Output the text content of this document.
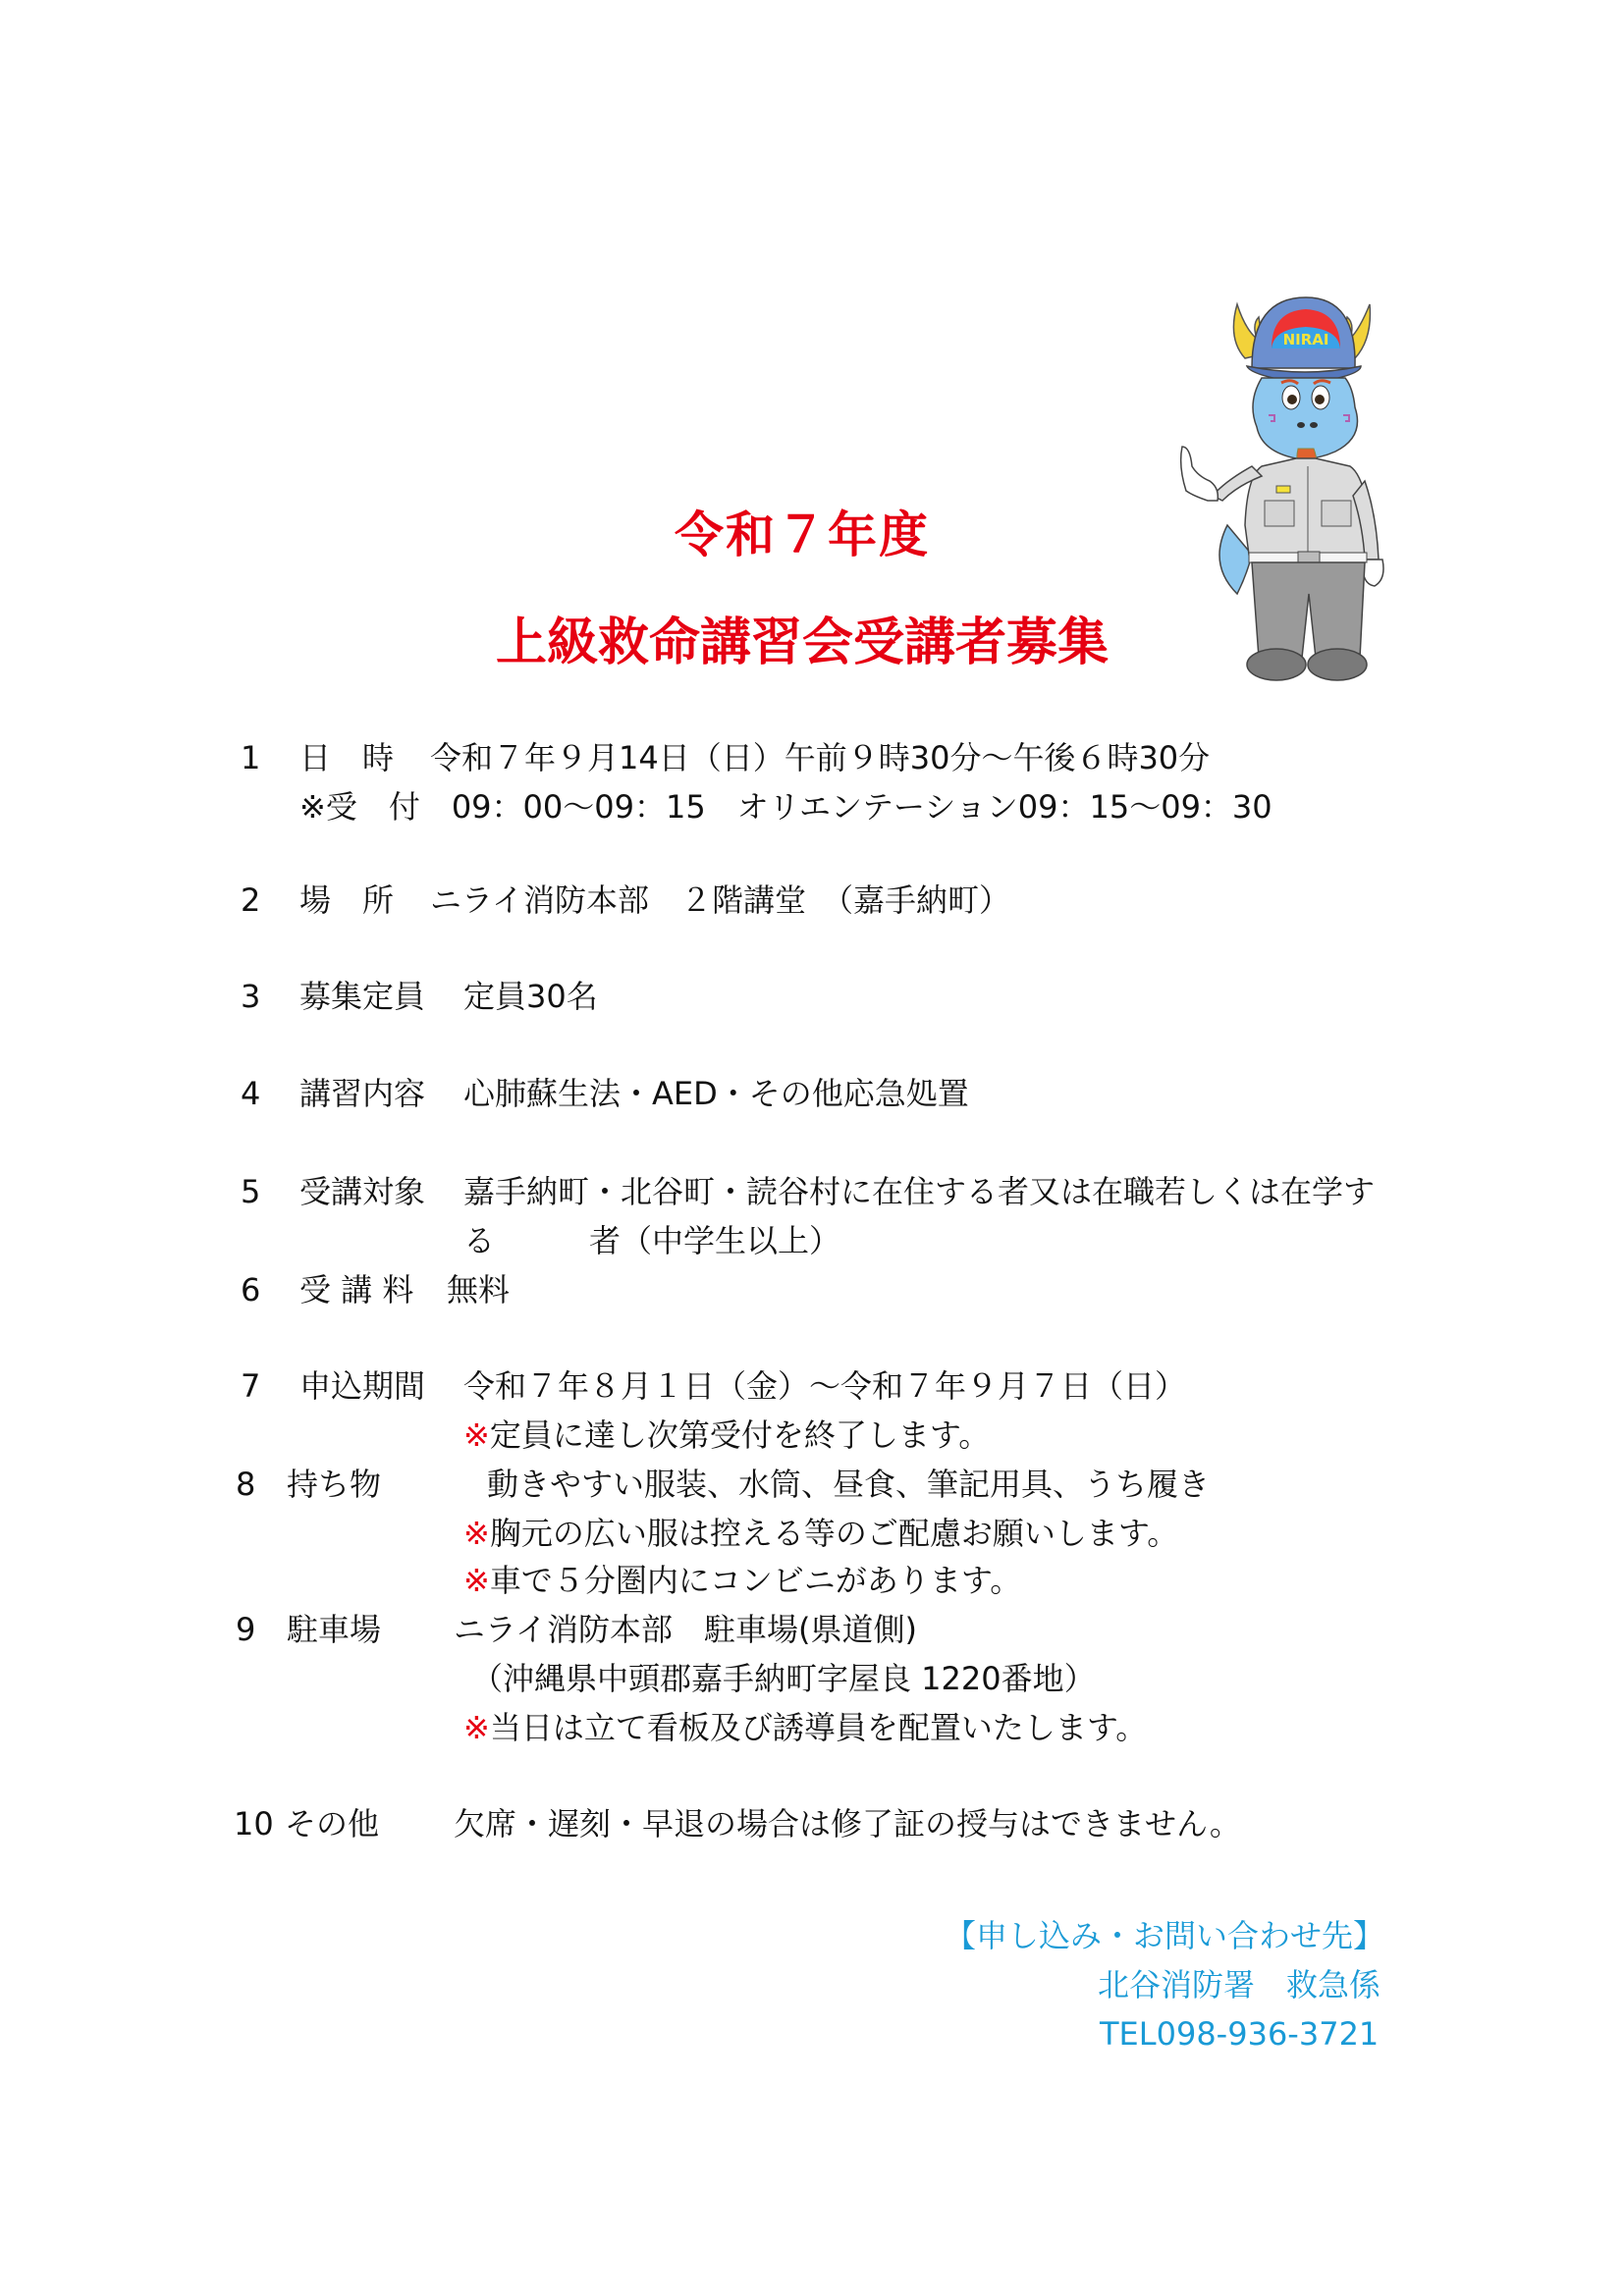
NIRAI
令和７年度
上級救命講習会受講者募集
1 日　時 令和７年９月14日（日）午前９時30分～午後６時30分
※受　付　09：00～09：15　オリエンテーション09：15～09：30
2 場　所 ニライ消防本部　２階講堂　（嘉手納町）
3 募集定員 定員30名
4 講習内容 心肺蘇生法・AED・その他応急処置
5 受講対象 嘉手納町・北谷町・読谷村に在住する者又は在職若しくは在学す
る　　　者（中学生以上）
6 受 講 料 無料
7 申込期間 令和７年８月１日（金）～令和７年９月７日（日）
※定員に達し次第受付を終了します。
8 持ち物	動きやすい服装、水筒、昼食、筆記用具、うち履き
※胸元の広い服は控える等のご配慮お願いします。
※車で５分圏内にコンビニがあります。
9 駐車場 ニライ消防本部　駐車場(県道側)
（沖縄県中頭郡嘉手納町字屋良 1220番地）
※当日は立て看板及び誘導員を配置いたします。
10 その他 欠席・遅刻・早退の場合は修了証の授与はできません。
【申し込み・お問い合わせ先】
北谷消防署　救急係
TEL098-936-3721
